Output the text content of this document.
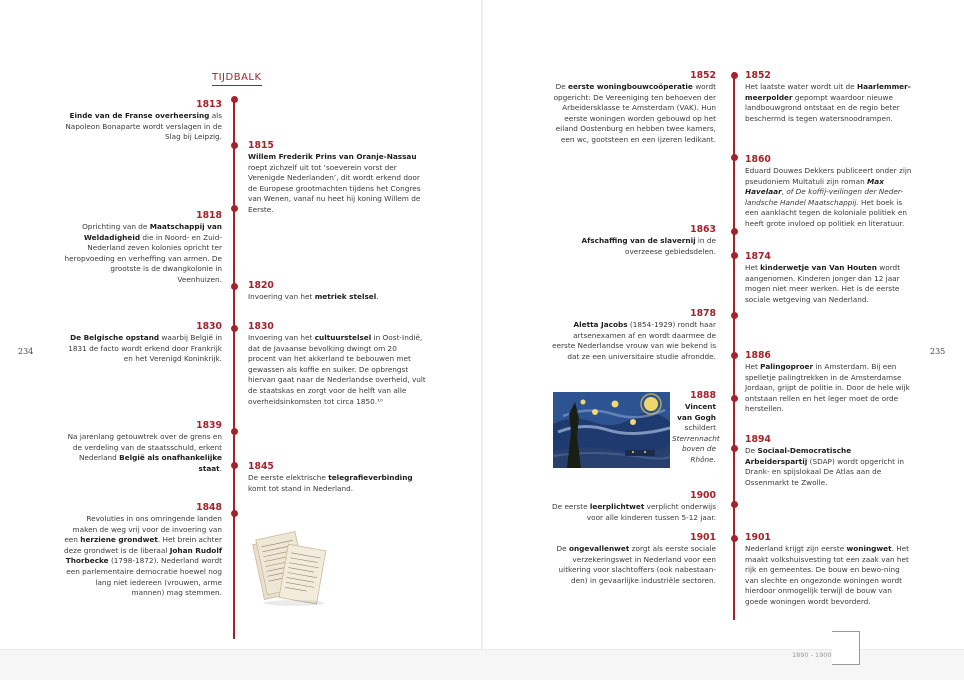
TIJDBALK
234	235
1813
Einde van de Franse overheersing als Napoleon Bonaparte wordt verslagen in de Slag bij Leipzig.
1815
Willem Frederik Prins van Oranje-Nassau roept zichzelf uit tot ‘soeverein vorst der Verenigde Nederlanden’, dit wordt erkend door de Europese grootmachten tijdens het Congres van Wenen, vanaf nu heet hij koning Willem de Eerste.
1818
Oprichting van de Maatschappij van Weldadigheid die in Noord- en Zuid-Nederland zeven kolonies opricht ter heropvoeding en verheffing van armen. De grootste is de dwangkolonie in Veenhuizen.
1820
Invoering van het metriek stelsel.
1830
De Belgische opstand waarbij België in 1831 de facto wordt erkend door Frankrijk en het Verenigd Koninkrijk.
1830
Invoering van het cultuurstelsel in Oost-Indië, dat de Javaanse bevolking dwingt om 20 procent van het akkerland te bebouwen met gewassen als koffie en suiker. De opbrengst hiervan gaat naar de Nederlandse overheid, vult de staatskas en zorgt voor de helft van alle overheidsinkomsten tot circa 1850.¹⁰
1839
Na jarenlang getouwtrek over de grens en de verdeling van de staatsschuld, erkent Nederland België als onafhankelijke staat.	1845
De eerste elektrische telegrafieverbinding komt tot stand in Nederland.
1848
Revoluties in ons omringende landen maken de weg vrij voor de invoering van een herziene grondwet. Het brein achter deze grondwet is de liberaal Johan Rudolf Thorbecke (1798-1872). Nederland wordt een parlementaire democratie hoewel nog lang niet iedereen (vrouwen, arme mannen) mag stemmen.
1852
De eerste woningbouwcoöperatie wordt opgericht: De Vereeniging ten behoeven der Arbeidersklasse te Amsterdam (VAK). Hun eerste woningen worden gebouwd op het eiland Oostenburg en hebben twee kamers, een wc, gootsteen en een ijzeren ledikant.
1852
Het laatste water wordt uit de Haarlemmer-meerpolder gepompt waardoor nieuwe landbouwgrond ontstaat en de regio beter beschermd is tegen watersnoodrampen.
1860
Eduard Douwes Dekkers publiceert onder zijn pseudoniem Multatuli zijn roman Max Havelaar, of De koffij-veilingen der Neder-landsche Handel Maatschappij. Het boek is een aanklacht tegen de koloniale politiek en heeft grote invloed op politiek en literatuur.
1863
Afschaffing van de slavernij in de overzeese gebiedsdelen.	1874
Het kinderwetje van Van Houten wordt aangenomen. Kinderen jonger dan 12 jaar mogen niet meer werken. Het is de eerste sociale wetgeving van Nederland.
1878
Aletta Jacobs (1854-1929) rondt haar artsenexamen af en wordt daarmee de eerste Nederlandse vrouw van wie bekend is dat ze een universitaire studie afrondde.	1886
Het Palingoproer in Amsterdam. Bij een spelletje palingtrekken in de Amsterdamse Jordaan, grijpt de politie in. Door de hele wijk ontstaan rellen en het leger moet de orde herstellen.
1888
Vincent van Gogh schildert Sterrennacht boven de Rhône.
1894
De Sociaal-Democratische Arbeiderspartij (SDAP) wordt opgericht in Drank- en spijslokaal De Atlas aan de Ossenmarkt te Zwolle.
1900
De eerste leerplichtwet verplicht onderwijs voor alle kinderen tussen 5-12 jaar.
1901
De ongevallenwet zorgt als eerste sociale verzekeringswet in Nederland voor een uitkering voor slachtoffers (ook nabestaan-den) in gevaarlijke industriële sectoren.
1901
Nederland krijgt zijn eerste woningwet. Het maakt volkshuisvesting tot een zaak van het rijk en gemeentes. De bouw en bewo-ning van slechte en ongezonde woningen wordt hierdoor onmogelijk terwijl de bouw van goede woningen wordt bevorderd.
1890 - 1900
